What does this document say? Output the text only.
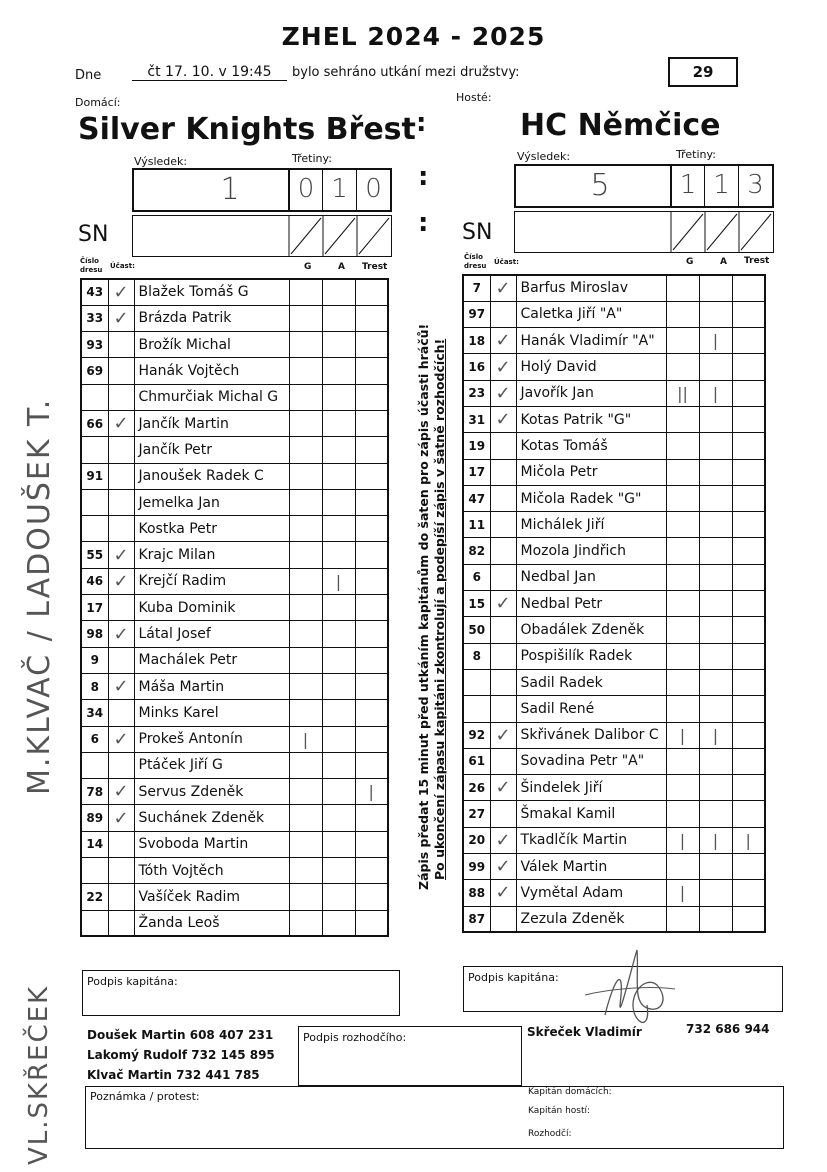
ZHEL 2024 - 2025
29
Dne	čt 17. 10. v 19:45	bylo sehráno utkání mezi družstvy:
Domácí:	Hosté:
Silver Knights Břest :	HC Němčice
Výsledek:	Třetiny:
1	0 1 0	:
Výsledek:	Třetiny:
5	1 1 3
SN	: SN
Číslo dresu	Účast:	G	A Trest
Číslo dresu	Účast:	G	A Trest
43	✓	Blažek Tomáš G			
33	✓	Brázda Patrik			
93		Brožík Michal			
69		Hanák Vojtěch			
		Chmurčiak Michal G			
66	✓	Jančík Martin			
		Jančík Petr			
91		Janoušek Radek C			
		Jemelka Jan			
		Kostka Petr			
55	✓	Krajc Milan			
46	✓	Krejčí Radim		|	
17		Kuba Dominik			
98	✓	Látal Josef			
9		Machálek Petr			
8	✓	Máša Martin			
34		Minks Karel			
6	✓	Prokeš Antonín	|		
		Ptáček Jiří G			
78	✓	Servus Zdeněk			|
89	✓	Suchánek Zdeněk			
14		Svoboda Martin			
		Tóth Vojtěch			
22		Vašíček Radim			
		Žanda Leoš			
7	✓	Barfus Miroslav			
97		Caletka Jiří "A"			
18	✓	Hanák Vladimír "A"		|	
16	✓	Holý David			
23	✓	Javořík Jan	||	|	
31	✓	Kotas Patrik "G"			
19		Kotas Tomáš			
17		Mičola Petr			
47		Mičola Radek "G"			
11		Michálek Jiří			
82		Mozola Jindřich			
6		Nedbal Jan			
15	✓	Nedbal Petr			
50		Obadálek Zdeněk			
8		Pospišilík Radek			
		Sadil Radek			
		Sadil René			
92	✓	Skřivánek Dalibor C	|	|	
61		Sovadina Petr "A"			
26	✓	Šindelek Jiří			
27		Šmakal Kamil			
20	✓	Tkadlčík Martin	|	|	|
99	✓	Válek Martin			
88	✓	Vymětal Adam	|		
87		Zezula Zdeněk			
Zápis předat 15 minut před utkáním kapitánům do šaten pro zápis účasti hráčů! Po ukončení zápasu kapitáni zkontrolují a podepíší zápis v šatně rozhodčích!
M.KLVAČ / LADOUŠEK T.
VL.SKŘEČEK
Podpis kapitána:	Podpis kapitána:
Doušek Martin 608 407 231
Lakomý Rudolf 732 145 895
Klvač Martin 732 441 785
Podpis rozhodčího:	Skřeček Vladimír	732 686 944
Poznámka / protest:	Kapitán domácích:
Kapitán hostí:
Rozhodčí:
